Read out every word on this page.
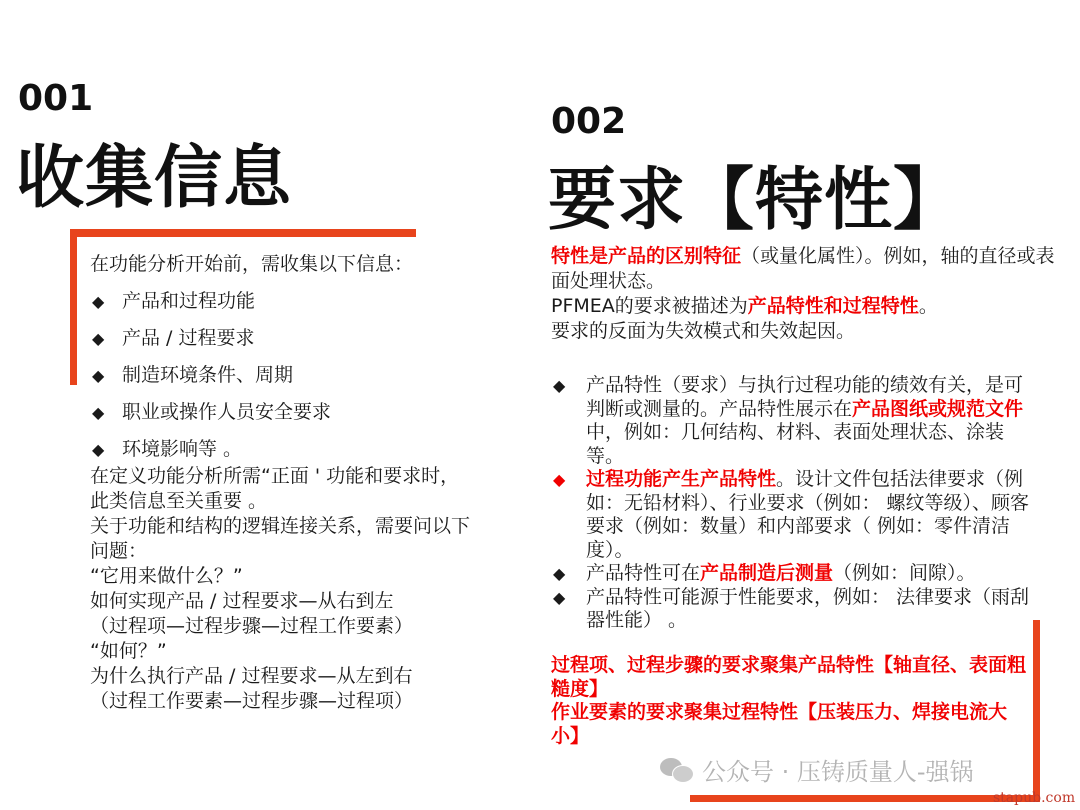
001
收集信息
在功能分析开始前，需收集以下信息：
◆ 产品和过程功能
◆ 产品 / 过程要求
◆ 制造环境条件、周期
◆ 职业或操作人员安全要求
◆ 环境影响等 。
在定义功能分析所需“正面 ' 功能和要求时，此类信息至关重要 。
关于功能和结构的逻辑连接关系，需要问以下问题：
“它用来做什么？”
如何实现产品 / 过程要求—从右到左
（过程项—过程步骤—过程工作要素）
“如何？”
为什么执行产品 / 过程要求—从左到右
（过程工作要素—过程步骤—过程项）
002
要求【特性】
特性是产品的区别特征（或量化属性）。例如，轴的直径或表面处理状态。
PFMEA的要求被描述为产品特性和过程特性。
要求的反面为失效模式和失效起因。
◆	产品特性（要求）与执行过程功能的绩效有关，是可判断或测量的。产品特性展示在产品图纸或规范文件中，例如：几何结构、材料、表面处理状态、涂装等。
◆	过程功能产生产品特性。设计文件包括法律要求（例如：无铅材料）、行业要求（例如： 螺纹等级）、顾客要求（例如：数量）和内部要求（ 例如：零件清洁度）。
◆	产品特性可在产品制造后测量（例如：间隙）。
◆	产品特性可能源于性能要求，例如： 法律要求（雨刮器性能） 。
过程项、过程步骤的要求聚集产品特性【轴直径、表面粗糙度】
作业要素的要求聚集过程特性【压装压力、焊接电流大小】
公众号 · 压铸质量人-强锅
stapub.com
